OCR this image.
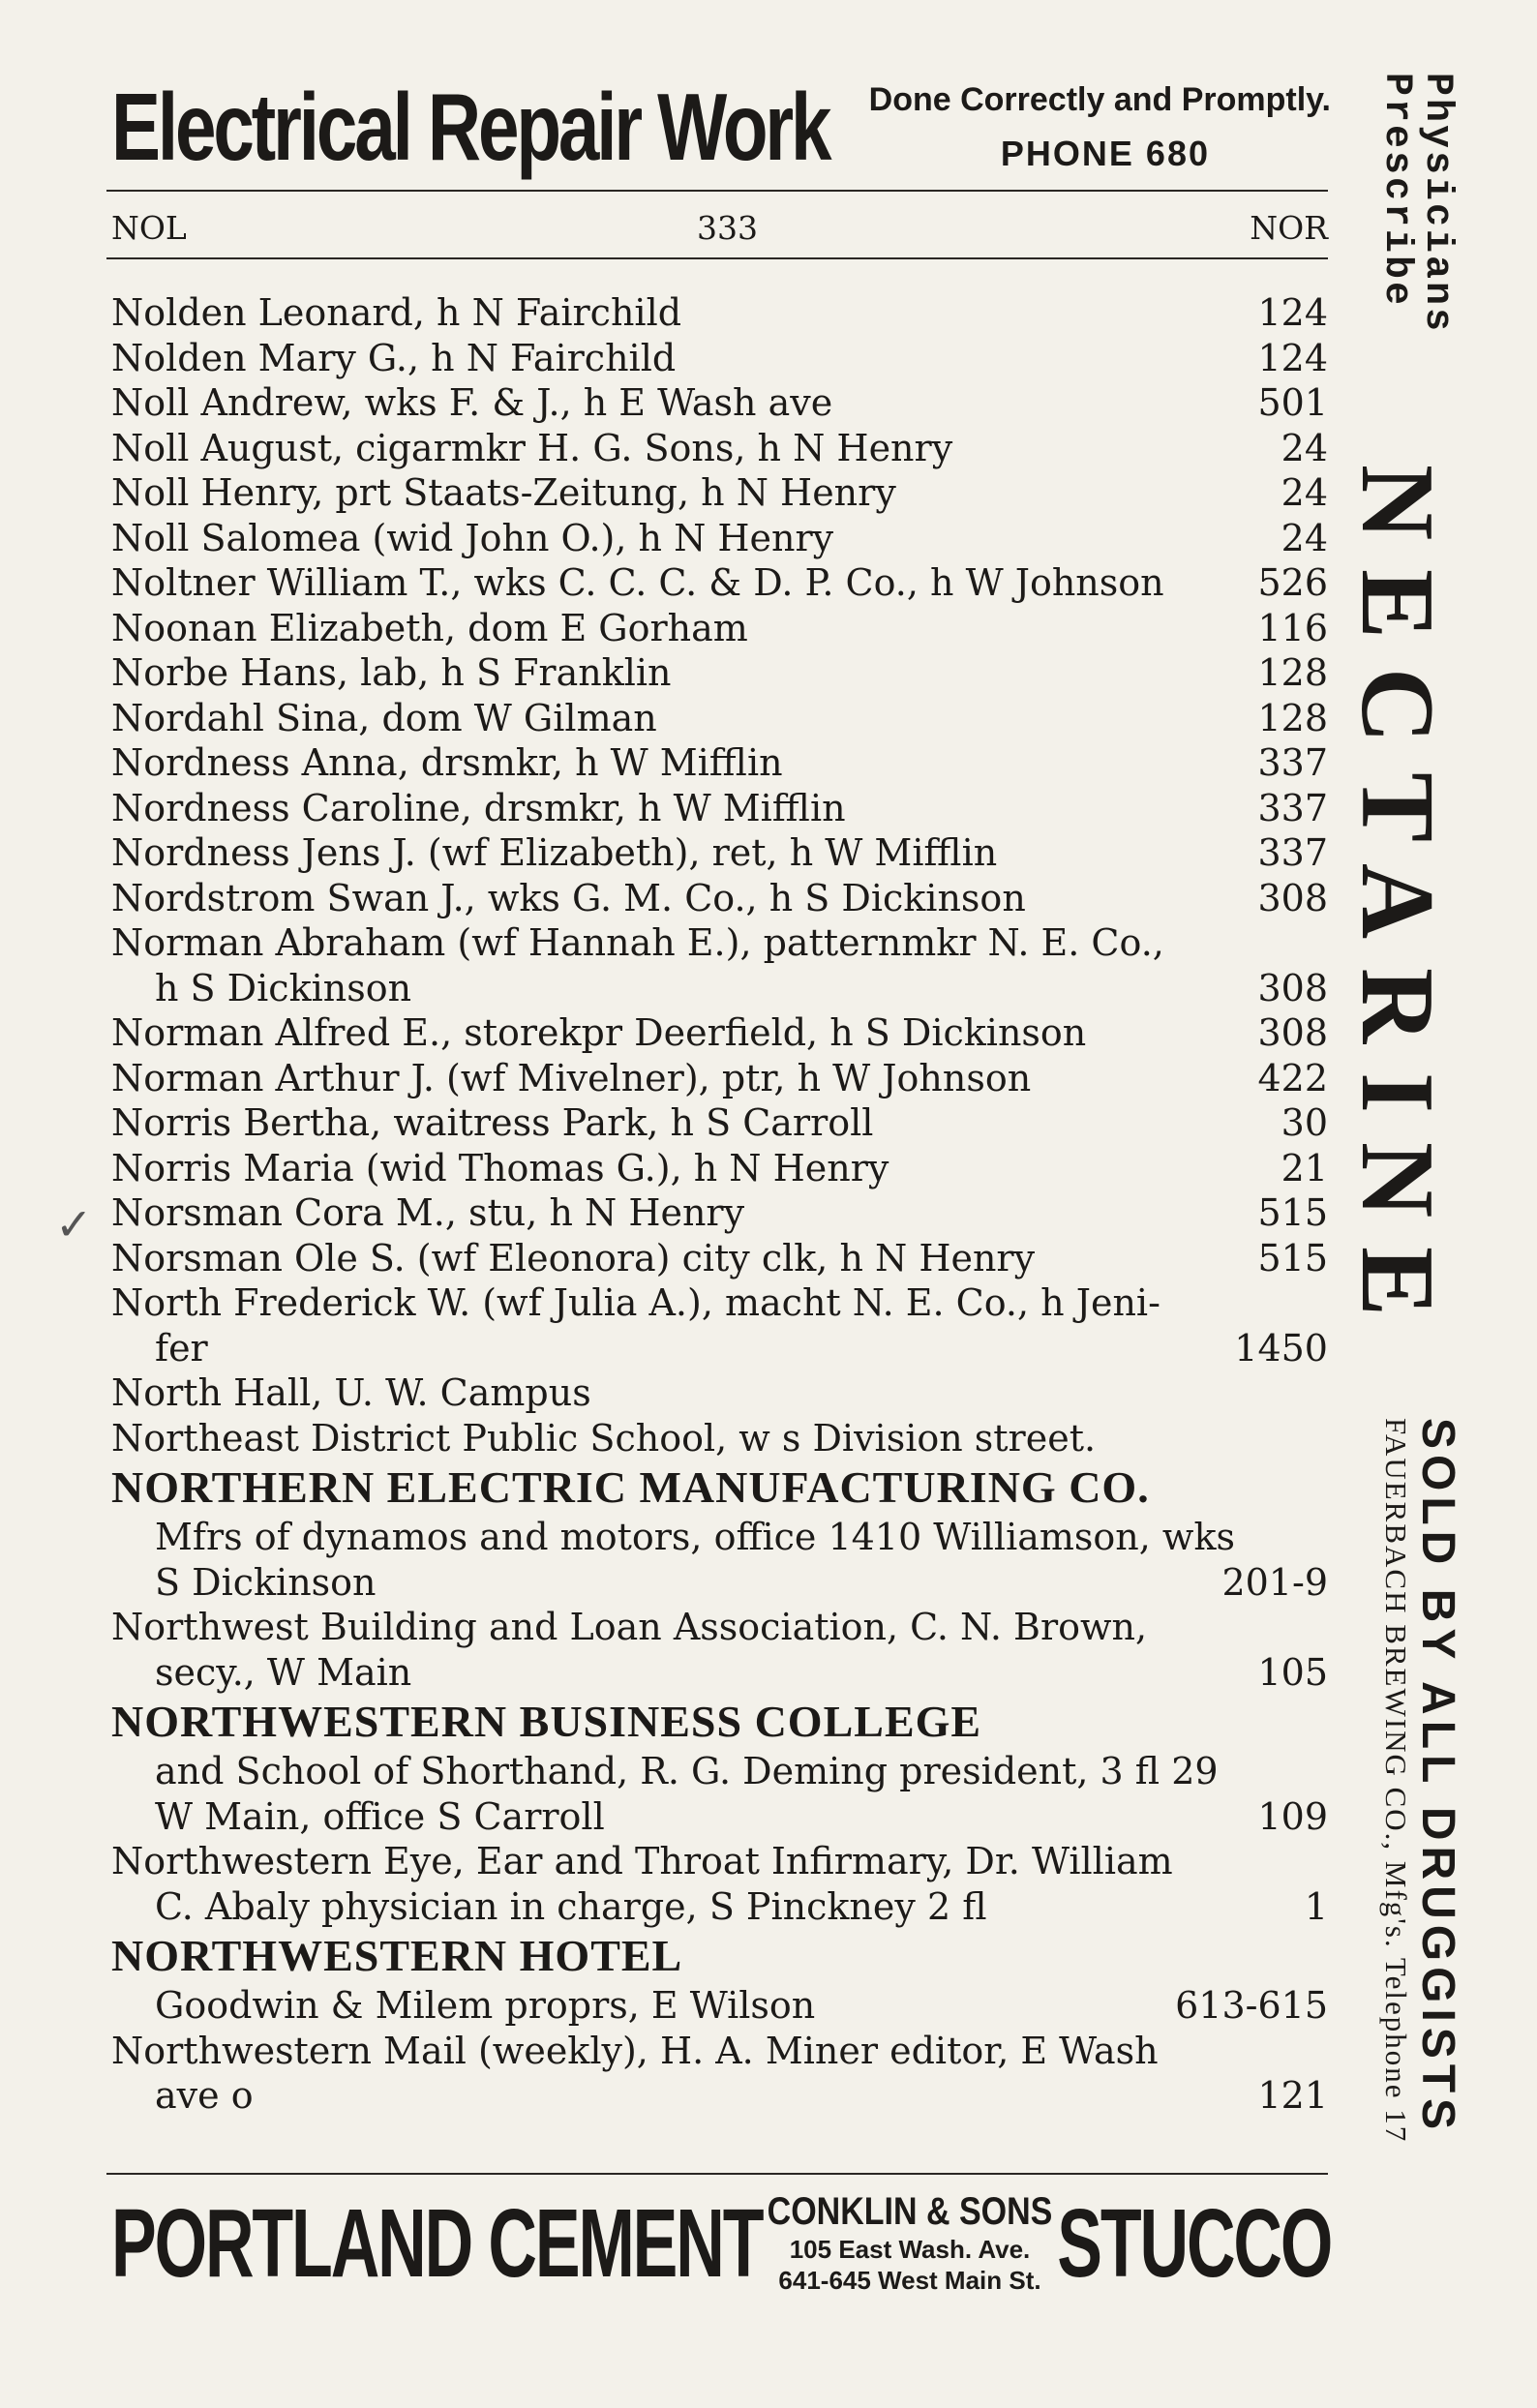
Electrical Repair Work Done Correctly and Promptly.
PHONE 680
NOL	333	NOR
Nolden Leonard, h N Fairchild	124
Nolden Mary G., h N Fairchild	124
Noll Andrew, wks F. & J., h E Wash ave	501
Noll August, cigarmkr H. G. Sons, h N Henry	24
Noll Henry, prt Staats-Zeitung, h N Henry	24
Noll Salomea (wid John O.), h N Henry	24
Noltner William T., wks C. C. C. & D. P. Co., h W Johnson	526
Noonan Elizabeth, dom E Gorham	116
Norbe Hans, lab, h S Franklin	128
Nordahl Sina, dom W Gilman	128
Nordness Anna, drsmkr, h W Mifflin	337
Nordness Caroline, drsmkr, h W Mifflin	337
Nordness Jens J. (wf Elizabeth), ret, h W Mifflin	337
Nordstrom Swan J., wks G. M. Co., h S Dickinson	308
Norman Abraham (wf Hannah E.), patternmkr N. E. Co.,
h S Dickinson	308
Norman Alfred E., storekpr Deerfield, h S Dickinson	308
Norman Arthur J. (wf Mivelner), ptr, h W Johnson	422
Norris Bertha, waitress Park, h S Carroll	30
Norris Maria (wid Thomas G.), h N Henry	21
Norsman Cora M., stu, h N Henry	515
Norsman Ole S. (wf Eleonora) city clk, h N Henry	515
North Frederick W. (wf Julia A.), macht N. E. Co., h Jeni-
fer	1450
North Hall, U. W. Campus
Northeast District Public School, w s Division street.
NORTHERN ELECTRIC MANUFACTURING CO.
Mfrs of dynamos and motors, office 1410 Williamson, wks
S Dickinson	201-9
Northwest Building and Loan Association, C. N. Brown,
secy., W Main	105
NORTHWESTERN BUSINESS COLLEGE
and School of Shorthand, R. G. Deming president, 3 fl 29
W Main, office S Carroll	109
Northwestern Eye, Ear and Throat Infirmary, Dr. William
C. Abaly physician in charge, S Pinckney 2 fl	1
NORTHWESTERN HOTEL
Goodwin & Milem proprs, E Wilson	613-615
Northwestern Mail (weekly), H. A. Miner editor, E Wash
ave o	121
✓
PORTLAND CEMENT CONKLIN & SONS
105 East Wash. Ave.
641-645 West Main St. STUCCO
Physicians
Prescribe
NECTARINE
SOLD BY ALL DRUGGISTS
FAUERBACH BREWING CO., Mfg's. Telephone 17
